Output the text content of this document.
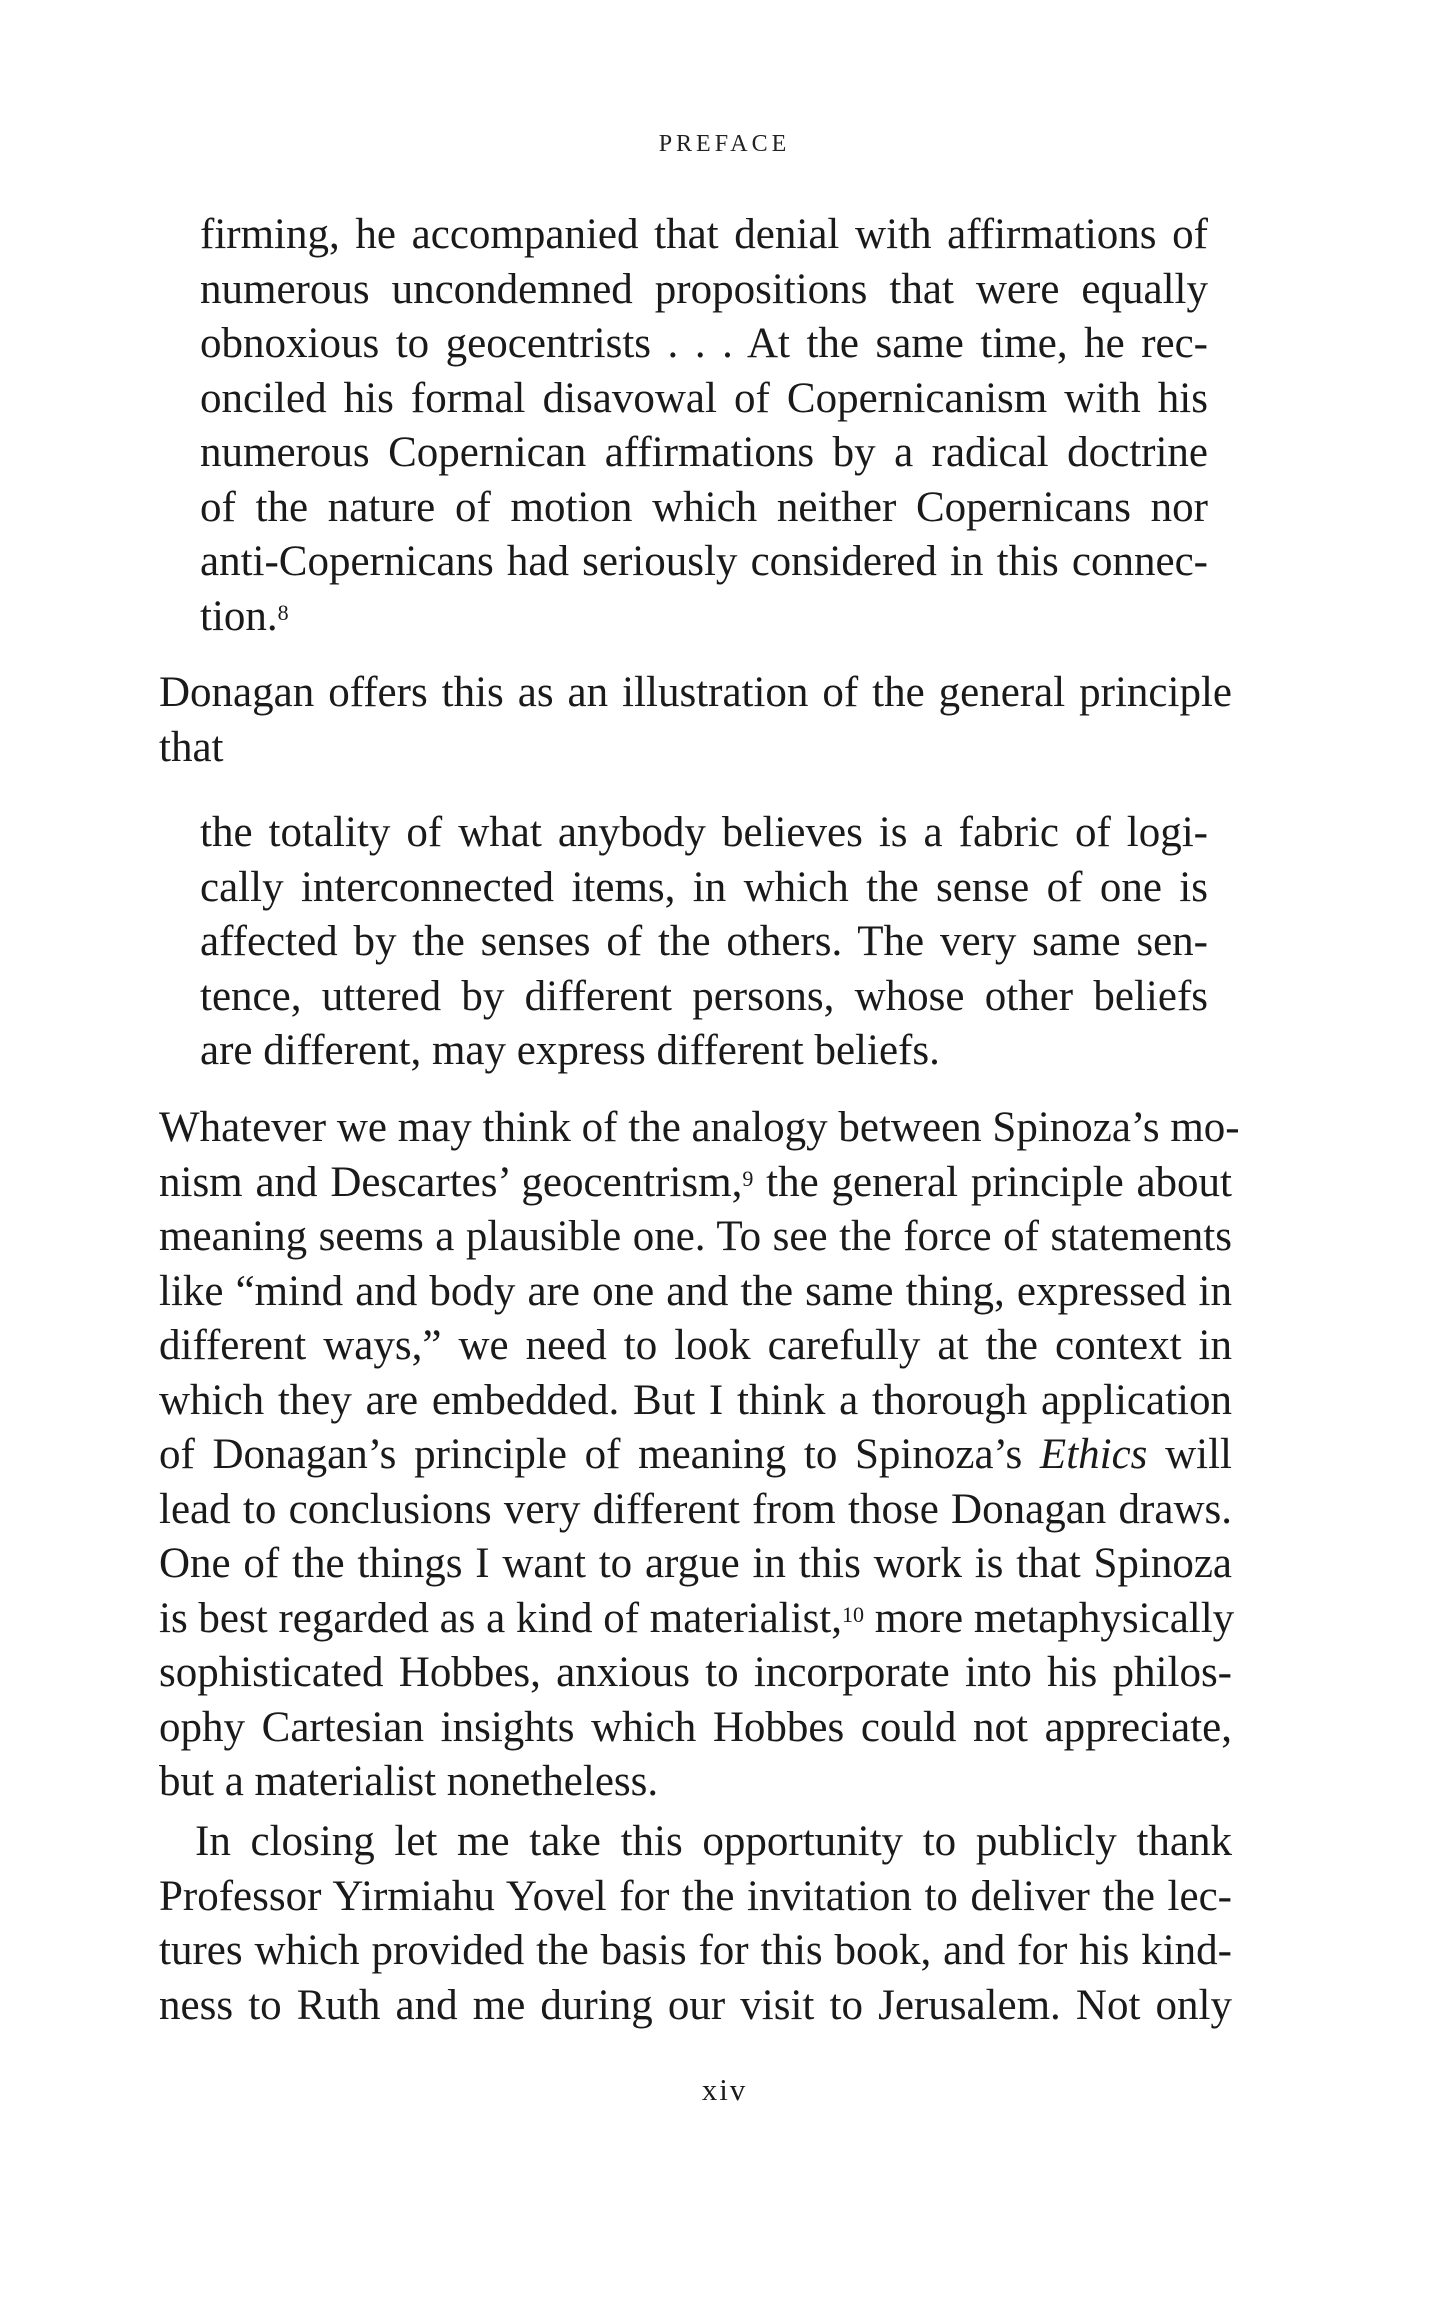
PREFACE
firming, he accompanied that denial with affirmations of
numerous uncondemned propositions that were equally
obnoxious to geocentrists . . . At the same time, he rec-
onciled his formal disavowal of Copernicanism with his
numerous Copernican affirmations by a radical doctrine
of the nature of motion which neither Copernicans nor
anti-Copernicans had seriously considered in this connec-
tion.$^8$
Donagan offers this as an illustration of the general principle
that
the totality of what anybody believes is a fabric of logi-
cally interconnected items, in which the sense of one is
affected by the senses of the others. The very same sen-
tence, uttered by different persons, whose other beliefs
are different, may express different beliefs.
Whatever we may think of the analogy between Spinoza’s mo-
nism and Descartes’ geocentrism,$^9$ the general principle about
meaning seems a plausible one. To see the force of statements
like “mind and body are one and the same thing, expressed in
different ways,” we need to look carefully at the context in
which they are embedded. But I think a thorough application
of Donagan’s principle of meaning to Spinoza’s Ethics will
lead to conclusions very different from those Donagan draws.
One of the things I want to argue in this work is that Spinoza
is best regarded as a kind of materialist,$^{10}$ more metaphysically
sophisticated Hobbes, anxious to incorporate into his philos-
ophy Cartesian insights which Hobbes could not appreciate,
but a materialist nonetheless.
In closing let me take this opportunity to publicly thank
Professor Yirmiahu Yovel for the invitation to deliver the lec-
tures which provided the basis for this book, and for his kind-
ness to Ruth and me during our visit to Jerusalem. Not only
xiv
